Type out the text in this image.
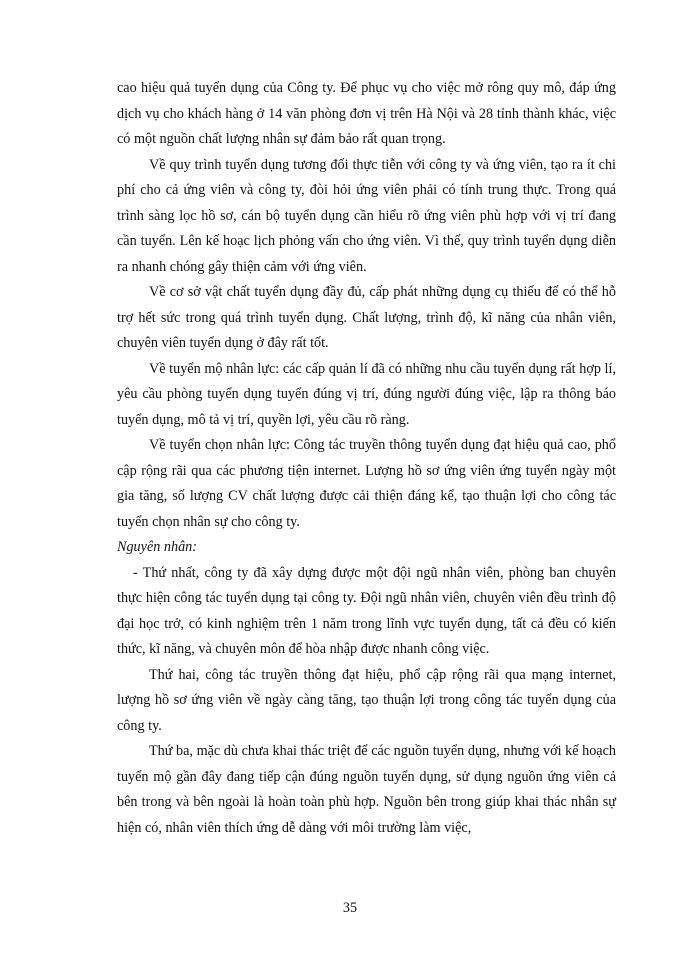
cao hiệu quả tuyển dụng của Công ty. Để phục vụ cho việc mở rông quy mô, đáp ứng dịch vụ cho khách hàng ở 14 văn phòng đơn vị trên Hà Nội và 28 tỉnh thành khác, việc có một nguồn chất lượng nhân sự đảm bảo rất quan trọng.

Về quy trình tuyển dụng tương đối thực tiễn với công ty và ứng viên, tạo ra ít chi phí cho cả ứng viên và công ty, đòi hỏi ứng viên phải có tính trung thực. Trong quá trình sàng lọc hồ sơ, cán bộ tuyển dụng cần hiểu rõ ứng viên phù hợp với vị trí đang cần tuyển. Lên kế hoạc lịch phỏng vấn cho ứng viên. Vì thế, quy trình tuyển dụng diễn ra nhanh chóng gây thiện cảm với ứng viên.

Về cơ sở vật chất tuyển dụng đầy đủ, cấp phát những dụng cụ thiếu để có thể hỗ trợ hết sức trong quá trình tuyển dụng. Chất lượng, trình độ, kĩ năng của nhân viên, chuyên viên tuyển dụng ở đây rất tốt.

Về tuyển mộ nhân lực: các cấp quản lí đã có những nhu cầu tuyển dụng rất hợp lí, yêu cầu phòng tuyển dụng tuyển đúng vị trí, đúng người đúng việc, lập ra thông báo tuyển dụng, mô tả vị trí, quyền lợi, yêu cầu rõ ràng.

Về tuyển chọn nhân lực: Công tác truyền thông tuyển dụng đạt hiệu quả cao, phổ cập rộng rãi qua các phương tiện internet. Lượng hồ sơ ứng viên ứng tuyển ngày một gia tăng, số lượng CV chất lượng được cải thiện đáng kể, tạo thuận lợi cho công tác tuyển chọn nhân sự cho công ty.

Nguyên nhân:

- Thứ nhất, công ty đã xây dựng được một đội ngũ nhân viên, phòng ban chuyên thực hiện công tác tuyển dụng tại công ty. Đội ngũ nhân viên, chuyên viên đều trình độ đại học trở, có kinh nghiệm trên 1 năm trong lĩnh vực tuyển dụng, tất cả đều có kiến thức, kĩ năng, và chuyên môn để hòa nhập được nhanh công việc.

Thứ hai, công tác truyền thông đạt hiệu, phổ cập rộng rãi qua mạng internet, lượng hồ sơ ứng viên về ngày càng tăng, tạo thuận lợi trong công tác tuyển dụng của công ty.

Thứ ba, mặc dù chưa khai thác triệt để các nguồn tuyển dụng, nhưng với kế hoạch tuyển mộ gần đây đang tiếp cận đúng nguồn tuyển dụng, sử dụng nguồn ứng viên cả bên trong và bên ngoài là hoàn toàn phù hợp. Nguồn bên trong giúp khai thác nhân sự hiện có, nhân viên thích ứng dễ dàng với môi trường làm việc,

35
